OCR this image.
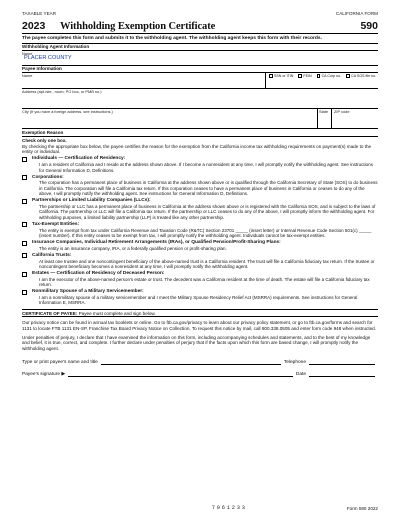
TAXABLE YEAR	CALIFORNIA FORM
2023	Withholding Exemption Certificate	590
The payee completes this form and submits it to the withholding agent. The withholding agent keeps this form with their records.
Withholding Agent Information
Name
PLACER COUNTY
Payee Information
Name	SSN or ITIN	FEIN	CA Corp no.	CA SOS file no.
Address (apt./ste., room, PO box, or PMB no.)
City (If you have a foreign address, see instructions.)	State	ZIP code
Exemption Reason
Check only one box.
By checking the appropriate box below, the payee certifies the reason for the exemption from the California income tax withholding requirements on payment(s) made to the entity or individual.
Individuals — Certification of Residency:
I am a resident of California and I reside at the address shown above. If I become a nonresident at any time, I will promptly notify the withholding agent. See instructions for General Information D, Definitions.
Corporations:
The corporation has a permanent place of business in California at the address shown above or is qualified through the California Secretary of State (SOS) to do business in California. The corporation will file a California tax return. If this corporation ceases to have a permanent place of business in California or ceases to do any of the above, I will promptly notify the withholding agent. See instructions for General Information D, Definitions.
Partnerships or Limited Liability Companies (LLCs):
The partnership or LLC has a permanent place of business in California at the address shown above or is registered with the California SOS, and is subject to the laws of California. The partnership or LLC will file a California tax return. If the partnership or LLC ceases to do any of the above, I will promptly inform the withholding agent. For withholding purposes, a limited liability partnership (LLP) is treated like any other partnership.
Tax-Exempt Entities:
The entity is exempt from tax under California Revenue and Taxation Code (R&TC) Section 23701 _____ (insert letter) or Internal Revenue Code Section 501(c) _____ (insert number). If this entity ceases to be exempt from tax, I will promptly notify the withholding agent. Individuals cannot be tax-exempt entities.
Insurance Companies, Individual Retirement Arrangements (IRAs), or Qualified Pension/Profit-Sharing Plans:
The entity is an insurance company, IRA, or a federally qualified pension or profit-sharing plan.
California Trusts:
At least one trustee and one noncontingent beneficiary of the above-named trust is a California resident. The trust will file a California fiduciary tax return. If the trustee or noncontingent beneficiary becomes a nonresident at any time, I will promptly notify the withholding agent.
Estates — Certification of Residency of Deceased Person:
I am the executor of the above-named person's estate or trust. The decedent was a California resident at the time of death. The estate will file a California fiduciary tax return.
Nonmilitary Spouse of a Military Servicemember:
I am a nonmilitary spouse of a military servicemember and I meet the Military Spouse Residency Relief Act (MSRRA) requirements. See instructions for General Information E, MSRRA.
CERTIFICATE OF PAYEE: Payee must complete and sign below.
Our privacy notice can be found in annual tax booklets or online. Go to ftb.ca.gov/privacy to learn about our privacy policy statement, or go to ftb.ca.gov/forms and search for 1131 to locate FTB 1131 EN-SP, Franchise Tax Board Privacy Notice on Collection. To request this notice by mail, call 800.338.0505 and enter form code 948 when instructed.
Under penalties of perjury, I declare that I have examined the information on this form, including accompanying schedules and statements, and to the best of my knowledge and belief, it is true, correct, and complete. I further declare under penalties of perjury that if the facts upon which this form are based change, I will promptly notify the withholding agent.
Type or print payee's name and title	Telephone
Payee's signature ▶	Date
7061233	Form 590 2022
